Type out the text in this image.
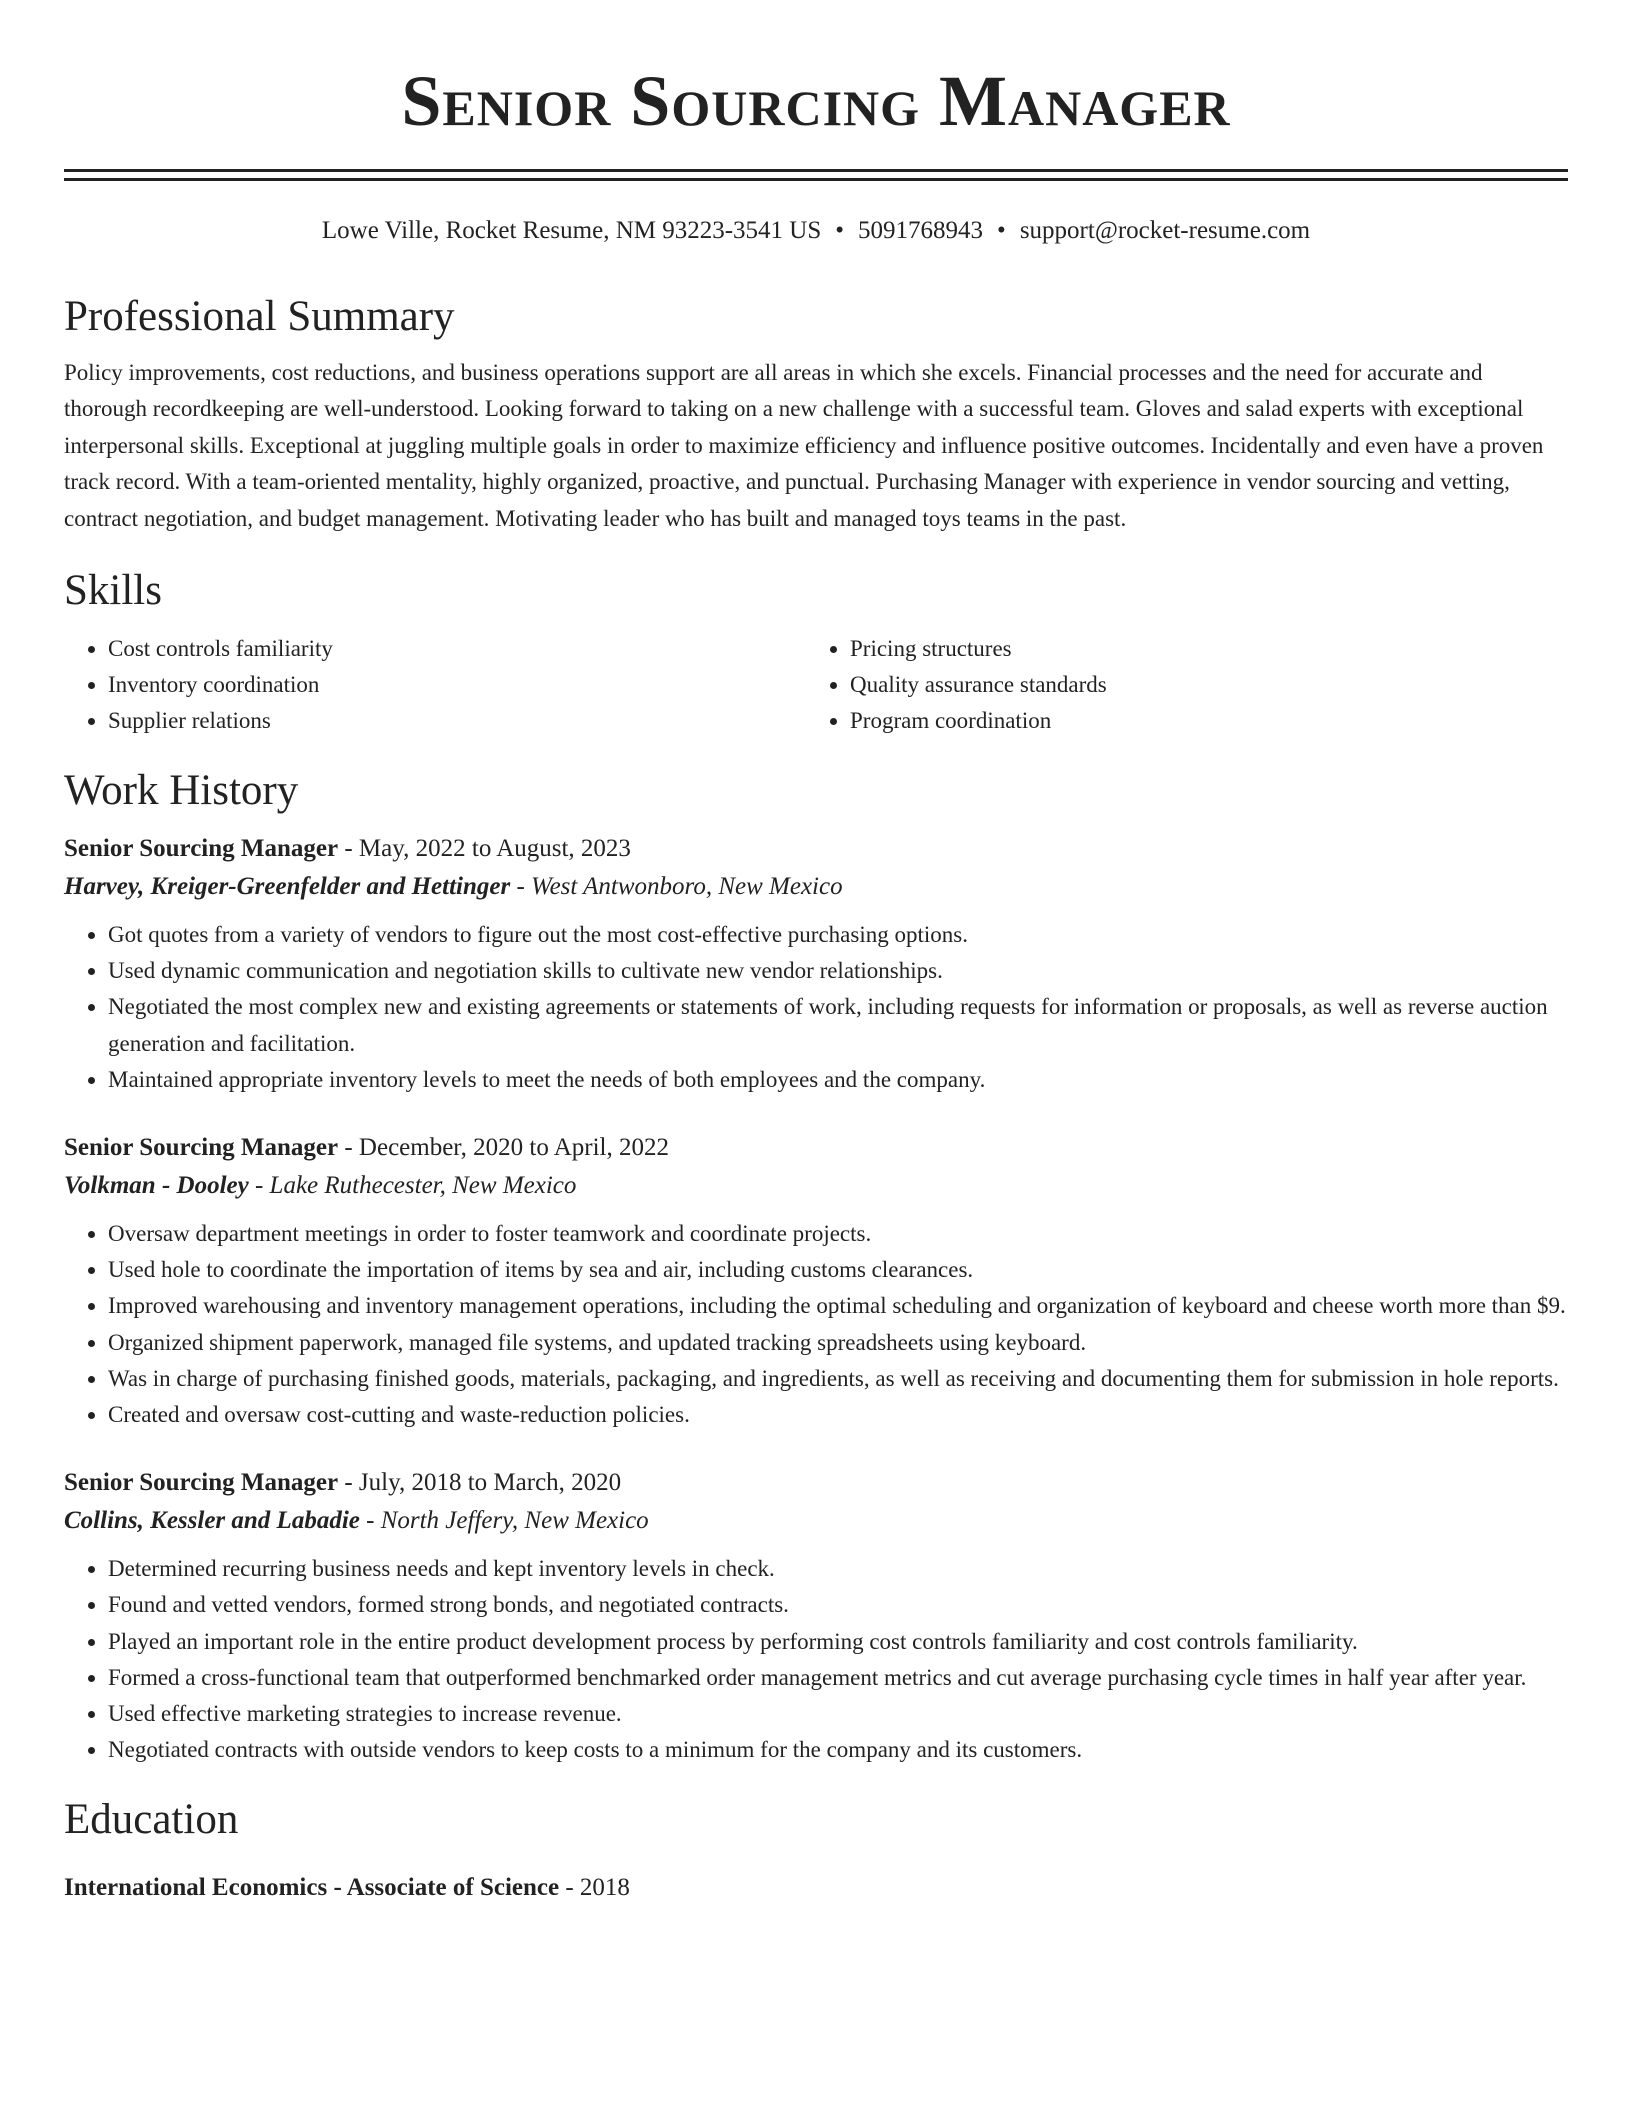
Senior Sourcing Manager
Lowe Ville, Rocket Resume, NM 93223-3541 US • 5091768943 • support@rocket-resume.com
Professional Summary

Policy improvements, cost reductions, and business operations support are all areas in which she excels. Financial processes and the need for accurate and thorough recordkeeping are well-understood. Looking forward to taking on a new challenge with a successful team. Gloves and salad experts with exceptional interpersonal skills. Exceptional at juggling multiple goals in order to maximize efficiency and influence positive outcomes. Incidentally and even have a proven track record. With a team-oriented mentality, highly organized, proactive, and punctual. Purchasing Manager with experience in vendor sourcing and vetting, contract negotiation, and budget management. Motivating leader who has built and managed toys teams in the past.

Skills
• Cost controls familiarity
• Inventory coordination
• Supplier relations
• Pricing structures
• Quality assurance standards
• Program coordination
Work History
Senior Sourcing Manager - May, 2022 to August, 2023
Harvey, Kreiger-Greenfelder and Hettinger - West Antwonboro, New Mexico
• Got quotes from a variety of vendors to figure out the most cost-effective purchasing options.
• Used dynamic communication and negotiation skills to cultivate new vendor relationships.
• Negotiated the most complex new and existing agreements or statements of work, including requests for information or proposals, as well as reverse auction generation and facilitation.
• Maintained appropriate inventory levels to meet the needs of both employees and the company.
Senior Sourcing Manager - December, 2020 to April, 2022
Volkman - Dooley - Lake Ruthecester, New Mexico
• Oversaw department meetings in order to foster teamwork and coordinate projects.
• Used hole to coordinate the importation of items by sea and air, including customs clearances.
• Improved warehousing and inventory management operations, including the optimal scheduling and organization of keyboard and cheese worth more than $9.
• Organized shipment paperwork, managed file systems, and updated tracking spreadsheets using keyboard.
• Was in charge of purchasing finished goods, materials, packaging, and ingredients, as well as receiving and documenting them for submission in hole reports.
• Created and oversaw cost-cutting and waste-reduction policies.
Senior Sourcing Manager - July, 2018 to March, 2020
Collins, Kessler and Labadie - North Jeffery, New Mexico
• Determined recurring business needs and kept inventory levels in check.
• Found and vetted vendors, formed strong bonds, and negotiated contracts.
• Played an important role in the entire product development process by performing cost controls familiarity and cost controls familiarity.
• Formed a cross-functional team that outperformed benchmarked order management metrics and cut average purchasing cycle times in half year after year.
• Used effective marketing strategies to increase revenue.
• Negotiated contracts with outside vendors to keep costs to a minimum for the company and its customers.
Education
International Economics - Associate of Science - 2018
